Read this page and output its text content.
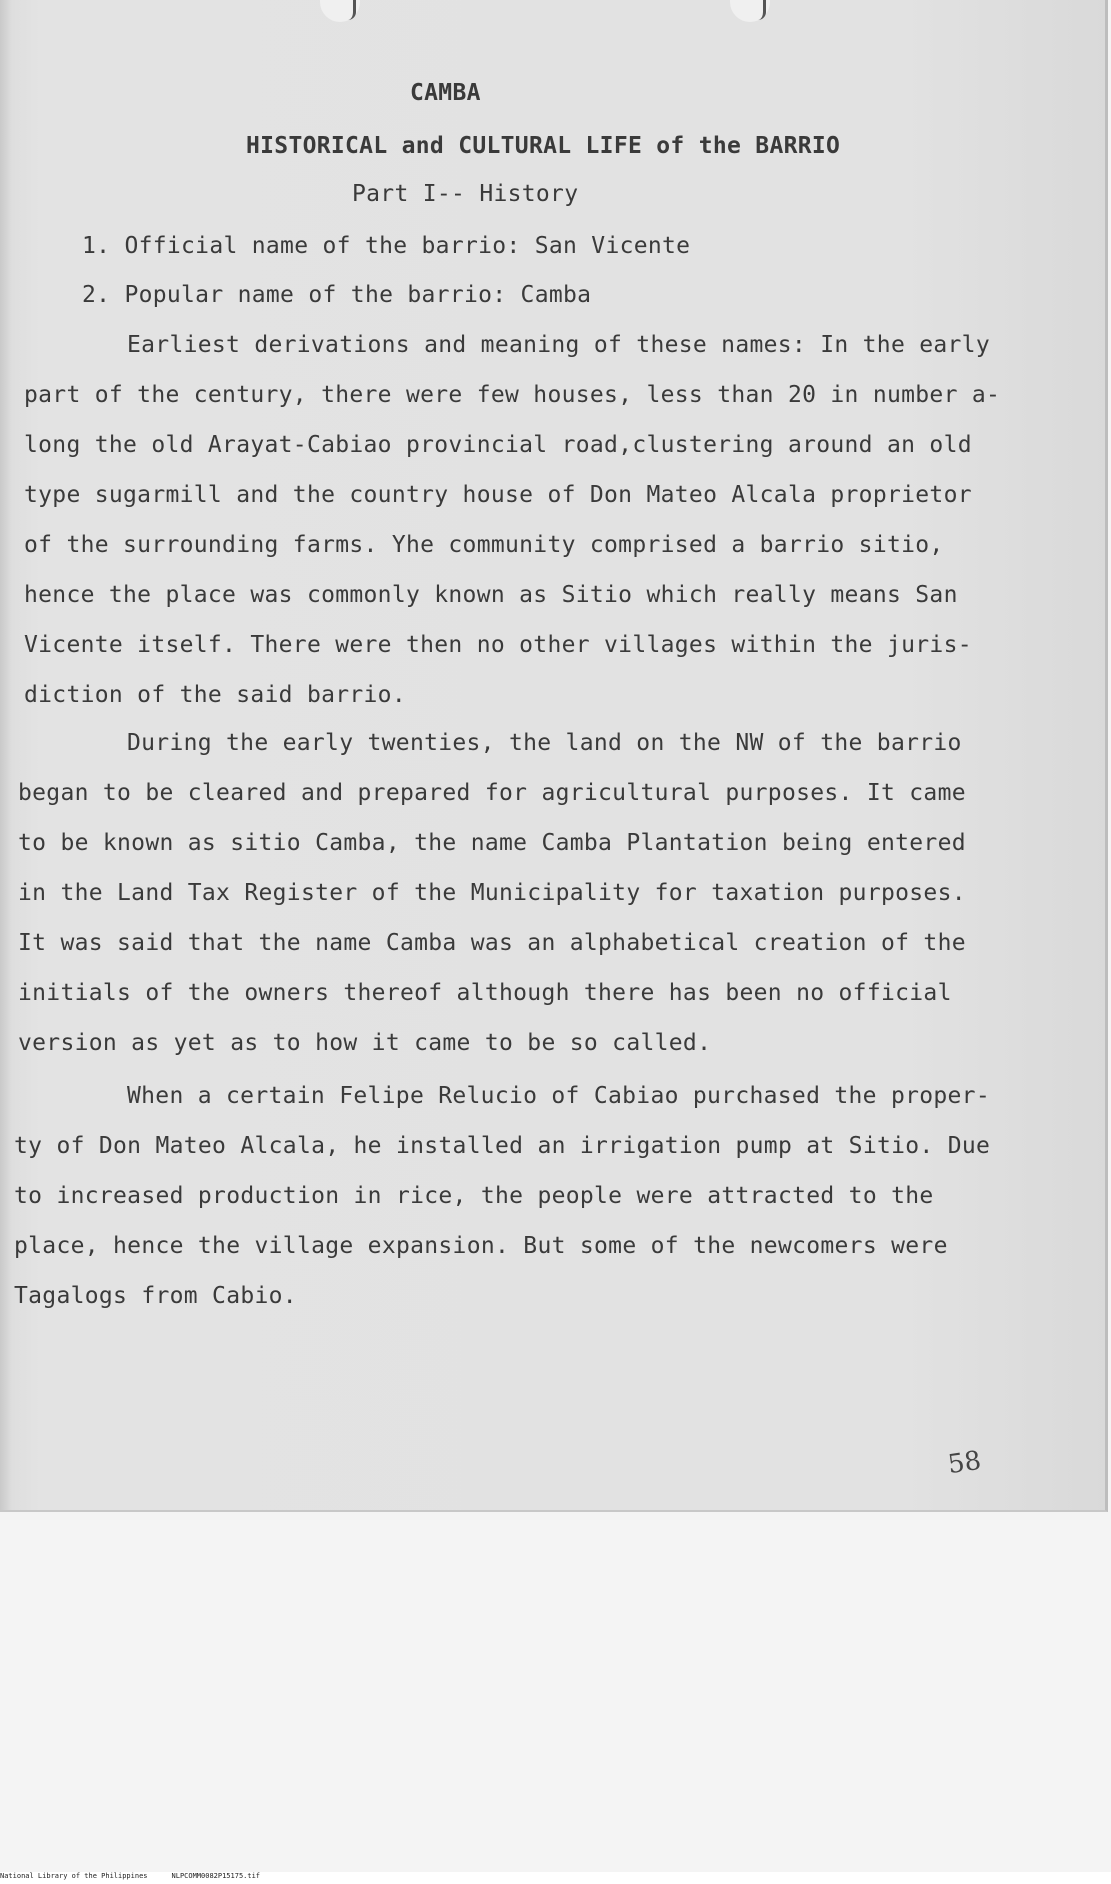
CAMBA
HISTORICAL and CULTURAL LIFE of the BARRIO
Part I-- History
1. Official name of the barrio: San Vicente
2. Popular name of the barrio: Camba

Earliest derivations and meaning of these names: In the early

part of the century, there were few houses, less than 20 in number a-

long the old Arayat-Cabiao provincial road,clustering around an old

type sugarmill and the country house of Don Mateo Alcala proprietor

of the surrounding farms. Yhe community comprised a barrio sitio,

hence the place was commonly known as Sitio which really means San

Vicente itself. There were then no other villages within the juris-

diction of the said barrio.

During the early twenties, the land on the NW of the barrio

began to be cleared and prepared for agricultural purposes. It came

to be known as sitio Camba, the name Camba Plantation being entered

in the Land Tax Register of the Municipality for taxation purposes.

It was said that the name Camba was an alphabetical creation of the

initials of the owners thereof although there has been no official

version as yet as to how it came to be so called.

When a certain Felipe Relucio of Cabiao purchased the proper-

ty of Don Mateo Alcala, he installed an irrigation pump at Sitio. Due

to increased production in rice, the people were attracted to the

place, hence the village expansion. But some of the newcomers were

Tagalogs from Cabio.

58
National Library of the Philippines	NLPCOMM0082P15175.tif
